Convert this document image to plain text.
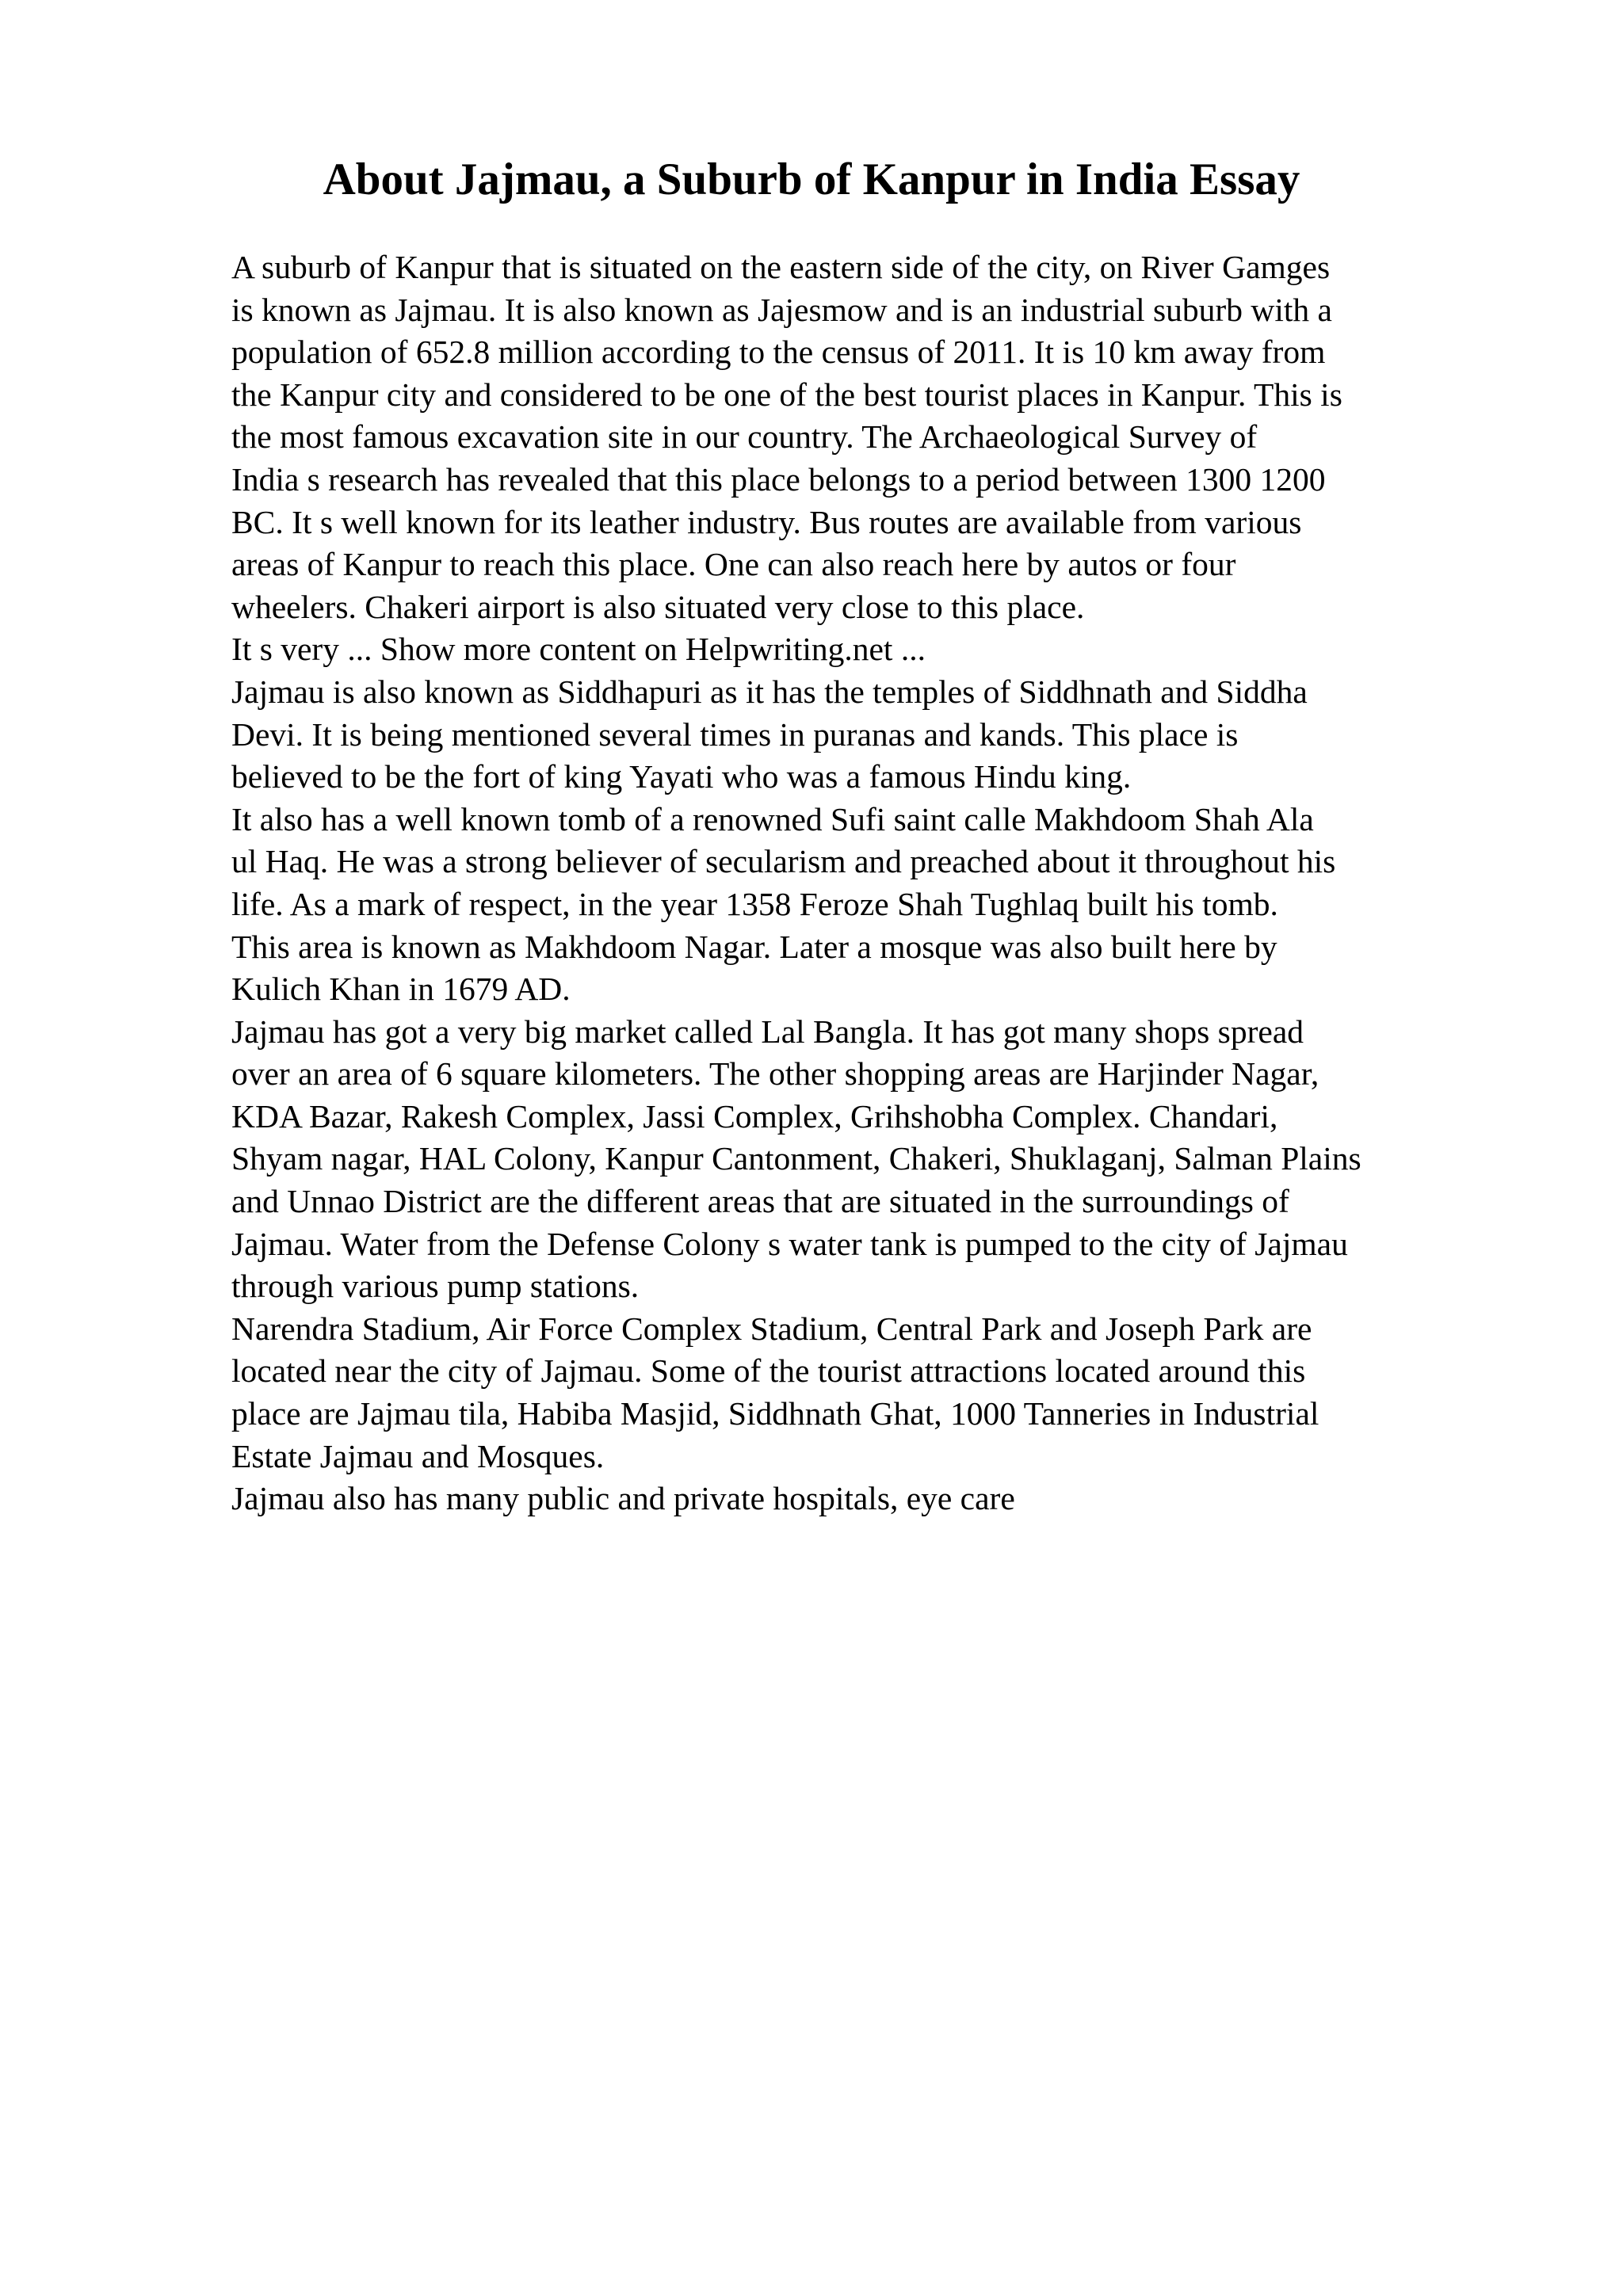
About Jajmau, a Suburb of Kanpur in India Essay
A suburb of Kanpur that is situated on the eastern side of the city, on River Gamges
is known as Jajmau. It is also known as Jajesmow and is an industrial suburb with a
population of 652.8 million according to the census of 2011. It is 10 km away from
the Kanpur city and considered to be one of the best tourist places in Kanpur. This is
the most famous excavation site in our country. The Archaeological Survey of
India s research has revealed that this place belongs to a period between 1300 1200
BC. It s well known for its leather industry. Bus routes are available from various
areas of Kanpur to reach this place. One can also reach here by autos or four
wheelers. Chakeri airport is also situated very close to this place.
It s very ... Show more content on Helpwriting.net ...
Jajmau is also known as Siddhapuri as it has the temples of Siddhnath and Siddha
Devi. It is being mentioned several times in puranas and kands. This place is
believed to be the fort of king Yayati who was a famous Hindu king.
It also has a well known tomb of a renowned Sufi saint calle Makhdoom Shah Ala
ul Haq. He was a strong believer of secularism and preached about it throughout his
life. As a mark of respect, in the year 1358 Feroze Shah Tughlaq built his tomb.
This area is known as Makhdoom Nagar. Later a mosque was also built here by
Kulich Khan in 1679 AD.
Jajmau has got a very big market called Lal Bangla. It has got many shops spread
over an area of 6 square kilometers. The other shopping areas are Harjinder Nagar,
KDA Bazar, Rakesh Complex, Jassi Complex, Grihshobha Complex. Chandari,
Shyam nagar, HAL Colony, Kanpur Cantonment, Chakeri, Shuklaganj, Salman Plains
and Unnao District are the different areas that are situated in the surroundings of
Jajmau. Water from the Defense Colony s water tank is pumped to the city of Jajmau
through various pump stations.
Narendra Stadium, Air Force Complex Stadium, Central Park and Joseph Park are
located near the city of Jajmau. Some of the tourist attractions located around this
place are Jajmau tila, Habiba Masjid, Siddhnath Ghat, 1000 Tanneries in Industrial
Estate Jajmau and Mosques.
Jajmau also has many public and private hospitals, eye care
